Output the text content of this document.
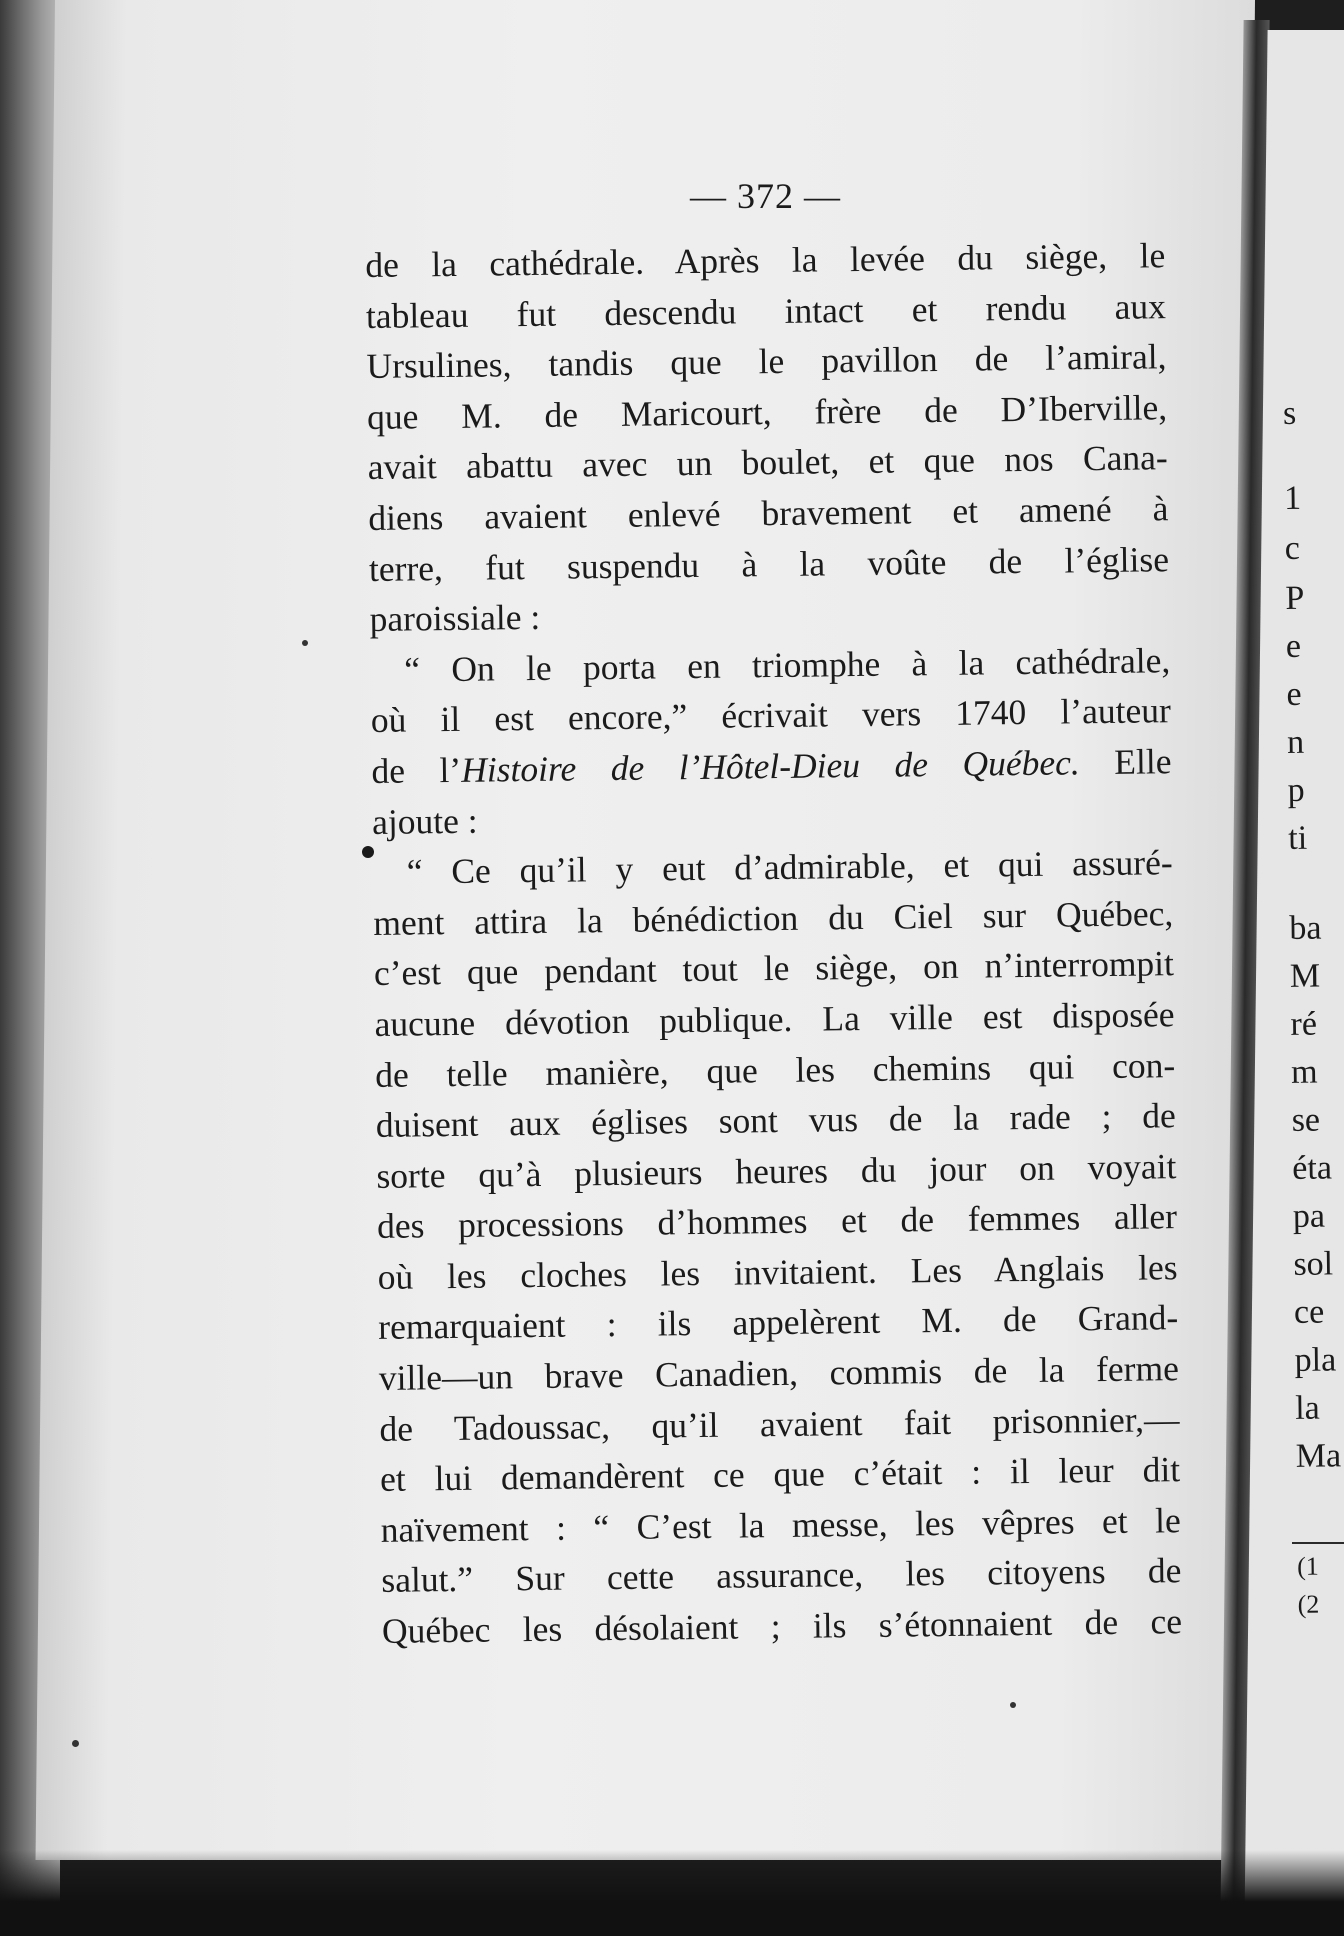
— 372 —
de la cathédrale. Après la levée du siège, le
tableau fut descendu intact et rendu aux
Ursulines, tandis que le pavillon de l’amiral,
que M. de Maricourt, frère de D’Iberville,
avait abattu avec un boulet, et que nos Cana-
diens avaient enlevé bravement et amené à
terre, fut suspendu à la voûte de l’église
paroissiale :
“ On le porta en triomphe à la cathédrale,
où il est encore,” écrivait vers 1740 l’auteur
de l’Histoire de l’Hôtel-Dieu de Québec. Elle
ajoute :
“ Ce qu’il y eut d’admirable, et qui assuré-
ment attira la bénédiction du Ciel sur Québec,
c’est que pendant tout le siège, on n’interrompit
aucune dévotion publique. La ville est disposée
de telle manière, que les chemins qui con-
duisent aux églises sont vus de la rade ; de
sorte qu’à plusieurs heures du jour on voyait
des processions d’hommes et de femmes aller
où les cloches les invitaient. Les Anglais les
remarquaient : ils appelèrent M. de Grand-
ville—un brave Canadien, commis de la ferme
de Tadoussac, qu’il avaient fait prisonnier,—
et lui demandèrent ce que c’était : il leur dit
naïvement : “ C’est la messe, les vêpres et le
salut.” Sur cette assurance, les citoyens de
Québec les désolaient ; ils s’étonnaient de ce
s
1
c
P
e
e
n
p
ti
ba
M
ré
m
se
éta
pa
sol
ce
pla
la
Ma
(1
(2
